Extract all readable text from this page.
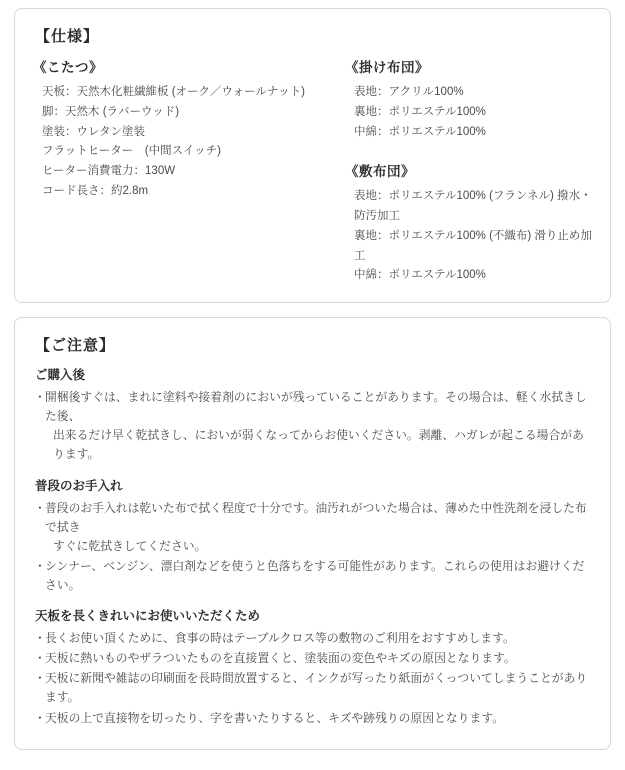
【仕様】
《こたつ》
天板：天然木化粧繊維板 (オーク／ウォールナット)
脚：天然木 (ラバーウッド)
塗装：ウレタン塗装
フラットヒーター　(中間スイッチ)
ヒーター消費電力：130W
コード長さ：約2.8m
《掛け布団》
表地：アクリル100%
裏地：ポリエステル100%
中綿：ポリエステル100%
《敷布団》
表地：ポリエステル100% (フランネル) 撥水・防汚加工
裏地：ポリエステル100% (不織布) 滑り止め加工
中綿：ポリエステル100%
【ご注意】
ご購入後
・ 開梱後すぐは、まれに塗料や接着剤のにおいが残っていることがあります。その場合は、軽く水拭きした後、
出来るだけ早く乾拭きし、においが弱くなってからお使いください。剥離、ハガレが起こる場合があります。
普段のお手入れ
・ 普段のお手入れは乾いた布で拭く程度で十分です。油汚れがついた場合は、薄めた中性洗剤を浸した布で拭き
すぐに乾拭きしてください。
・ シンナー、ベンジン、漂白剤などを使うと色落ちをする可能性があります。これらの使用はお避けください。
天板を長くきれいにお使いいただくため
・ 長くお使い頂くために、食事の時はテーブルクロス等の敷物のご利用をおすすめします。
・ 天板に熱いものやザラついたものを直接置くと、塗装面の変色やキズの原因となります。
・ 天板に新聞や雑誌の印刷面を長時間放置すると、インクが写ったり紙面がくっついてしまうことがあります。
・ 天板の上で直接物を切ったり、字を書いたりすると、キズや跡残りの原因となります。
